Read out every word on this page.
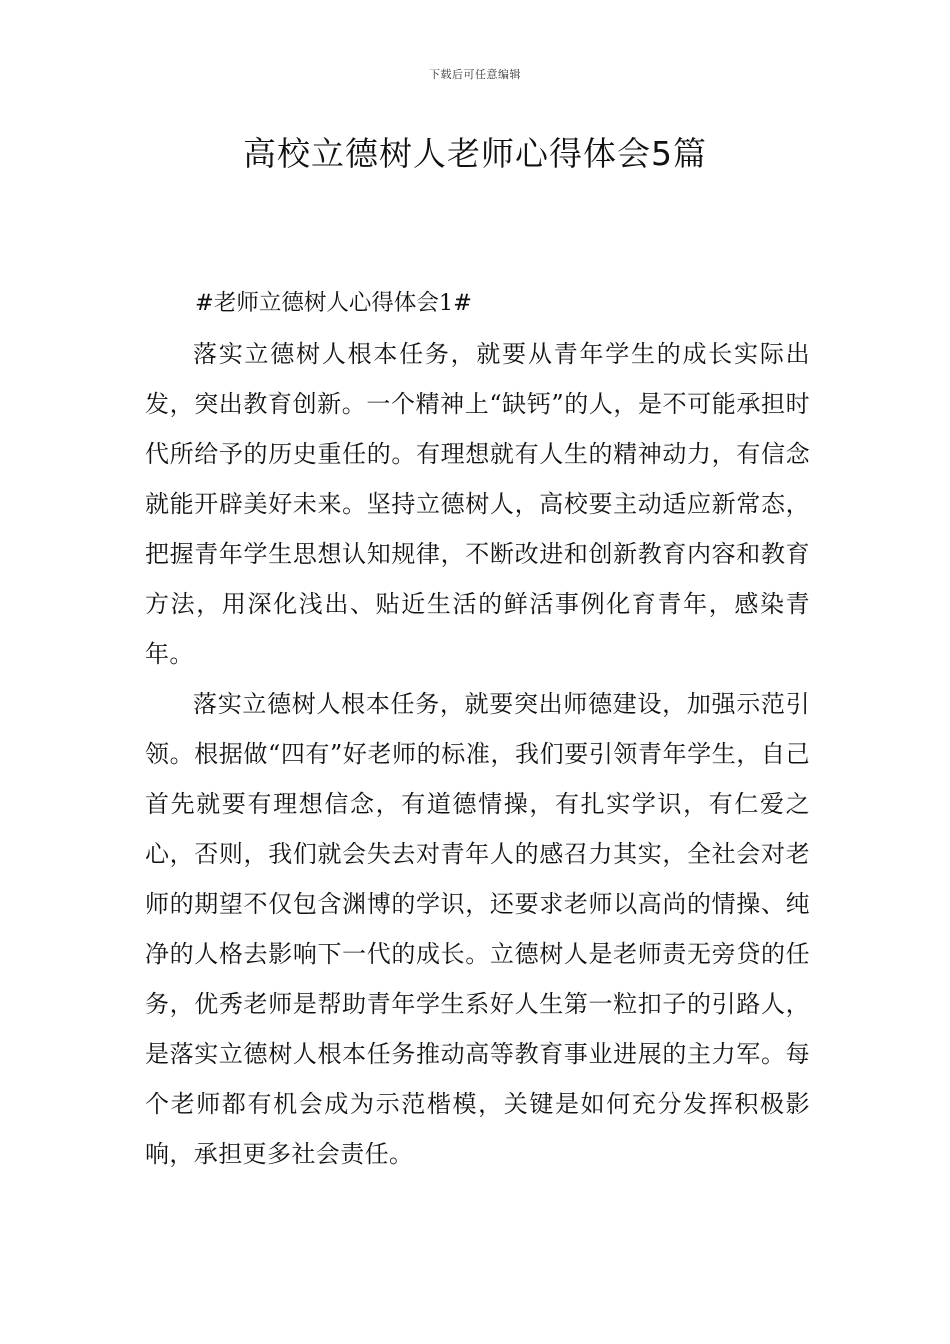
下载后可任意编辑
高校立德树人老师心得体会5篇
#老师立德树人心得体会1#

落实立德树人根本任务，就要从青年学生的成长实际出发，突出教育创新。一个精神上“缺钙”的人，是不可能承担时代所给予的历史重任的。有理想就有人生的精神动力，有信念就能开辟美好未来。坚持立德树人，高校要主动适应新常态，把握青年学生思想认知规律，不断改进和创新教育内容和教育方法，用深化浅出、贴近生活的鲜活事例化育青年，感染青年。

落实立德树人根本任务，就要突出师德建设，加强示范引领。根据做“四有”好老师的标准，我们要引领青年学生，自己首先就要有理想信念，有道德情操，有扎实学识，有仁爱之心，否则，我们就会失去对青年人的感召力其实，全社会对老师的期望不仅包含渊博的学识，还要求老师以高尚的情操、纯净的人格去影响下一代的成长。立德树人是老师责无旁贷的任务，优秀老师是帮助青年学生系好人生第一粒扣子的引路人，是落实立德树人根本任务推动高等教育事业进展的主力军。每个老师都有机会成为示范楷模，关键是如何充分发挥积极影响，承担更多社会责任。
